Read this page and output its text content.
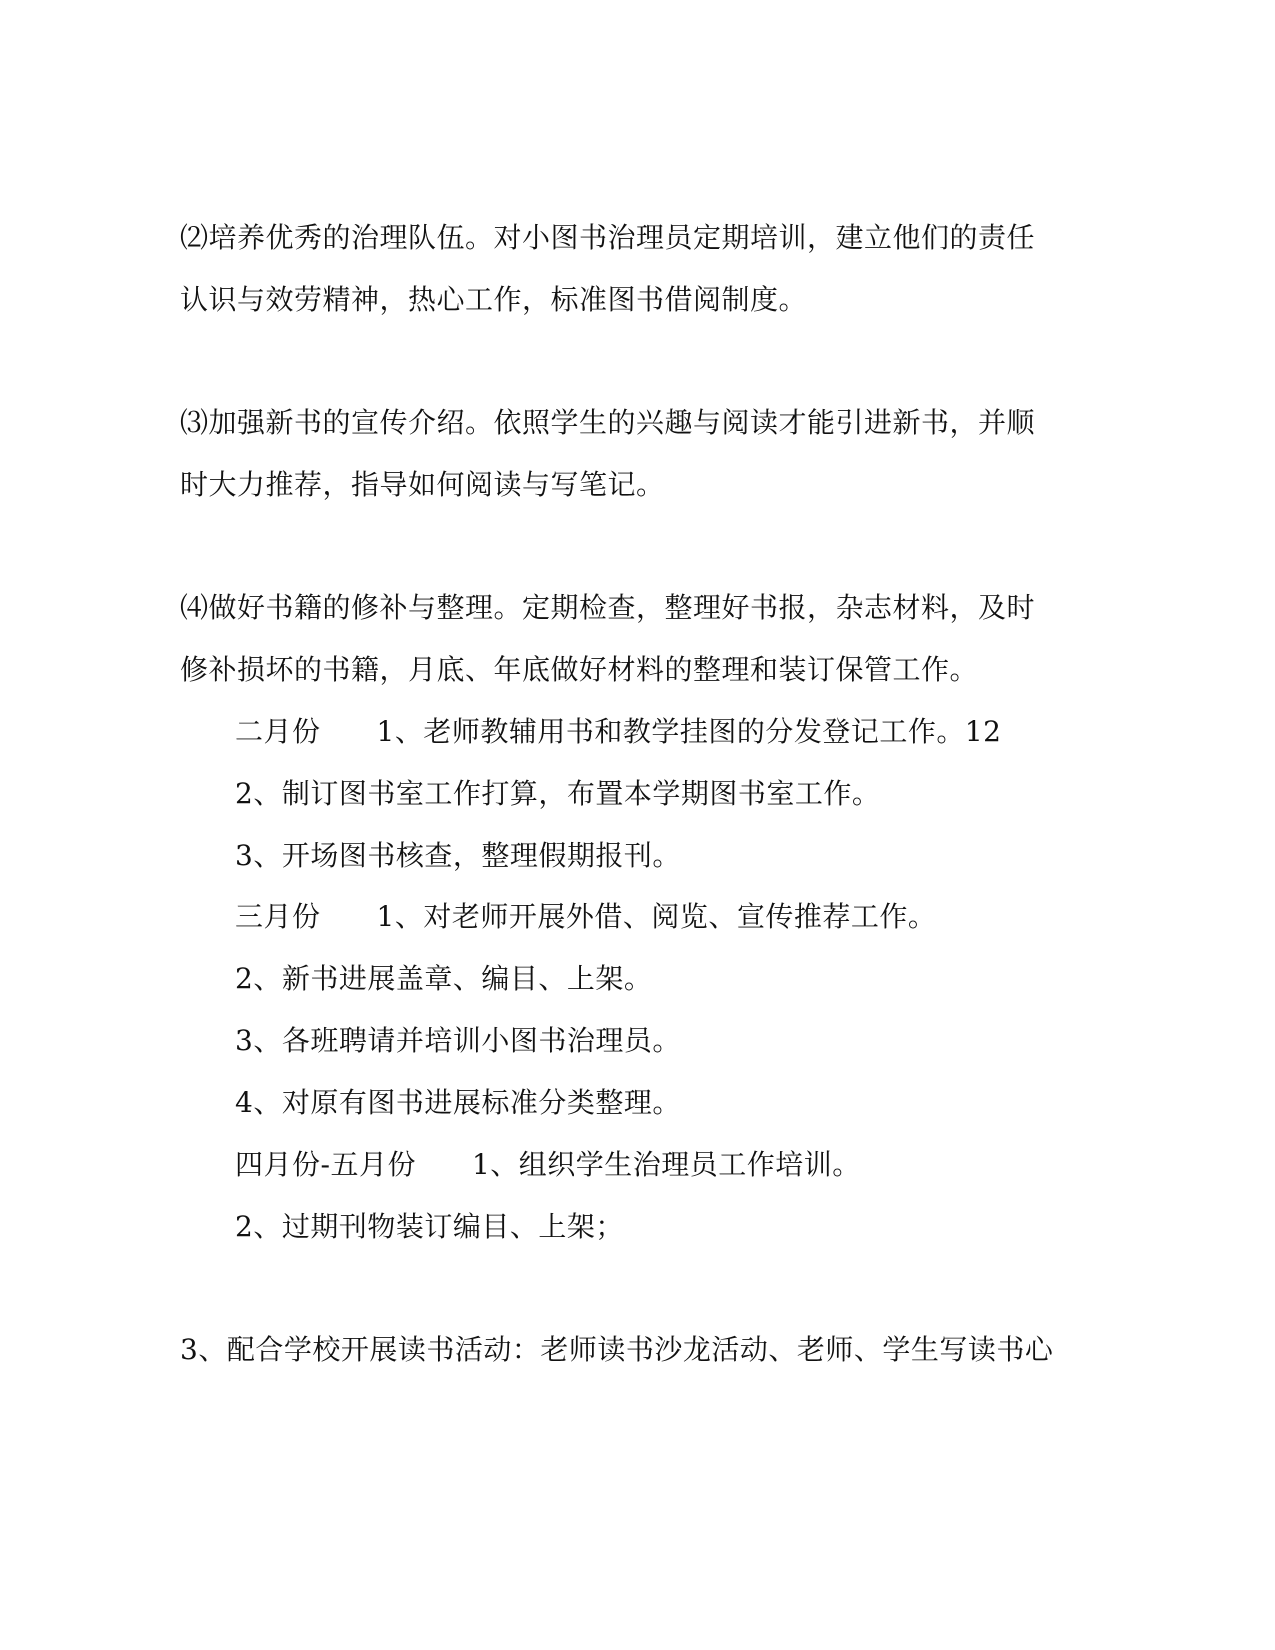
⑵培养优秀的治理队伍。对小图书治理员定期培训，建立他们的责任
认识与效劳精神，热心工作，标准图书借阅制度。
⑶加强新书的宣传介绍。依照学生的兴趣与阅读才能引进新书，并顺
时大力推荐，指导如何阅读与写笔记。
⑷做好书籍的修补与整理。定期检查，整理好书报，杂志材料，及时
修补损坏的书籍，月底、年底做好材料的整理和装订保管工作。
二月份 1、老师教辅用书和教学挂图的分发登记工作。12
2、制订图书室工作打算，布置本学期图书室工作。
3、开场图书核查，整理假期报刊。
三月份 1、对老师开展外借、阅览、宣传推荐工作。
2、新书进展盖章、编目、上架。
3、各班聘请并培训小图书治理员。
4、对原有图书进展标准分类整理。
四月份-五月份 1、组织学生治理员工作培训。
2、过期刊物装订编目、上架；
3、配合学校开展读书活动：老师读书沙龙活动、老师、学生写读书心
